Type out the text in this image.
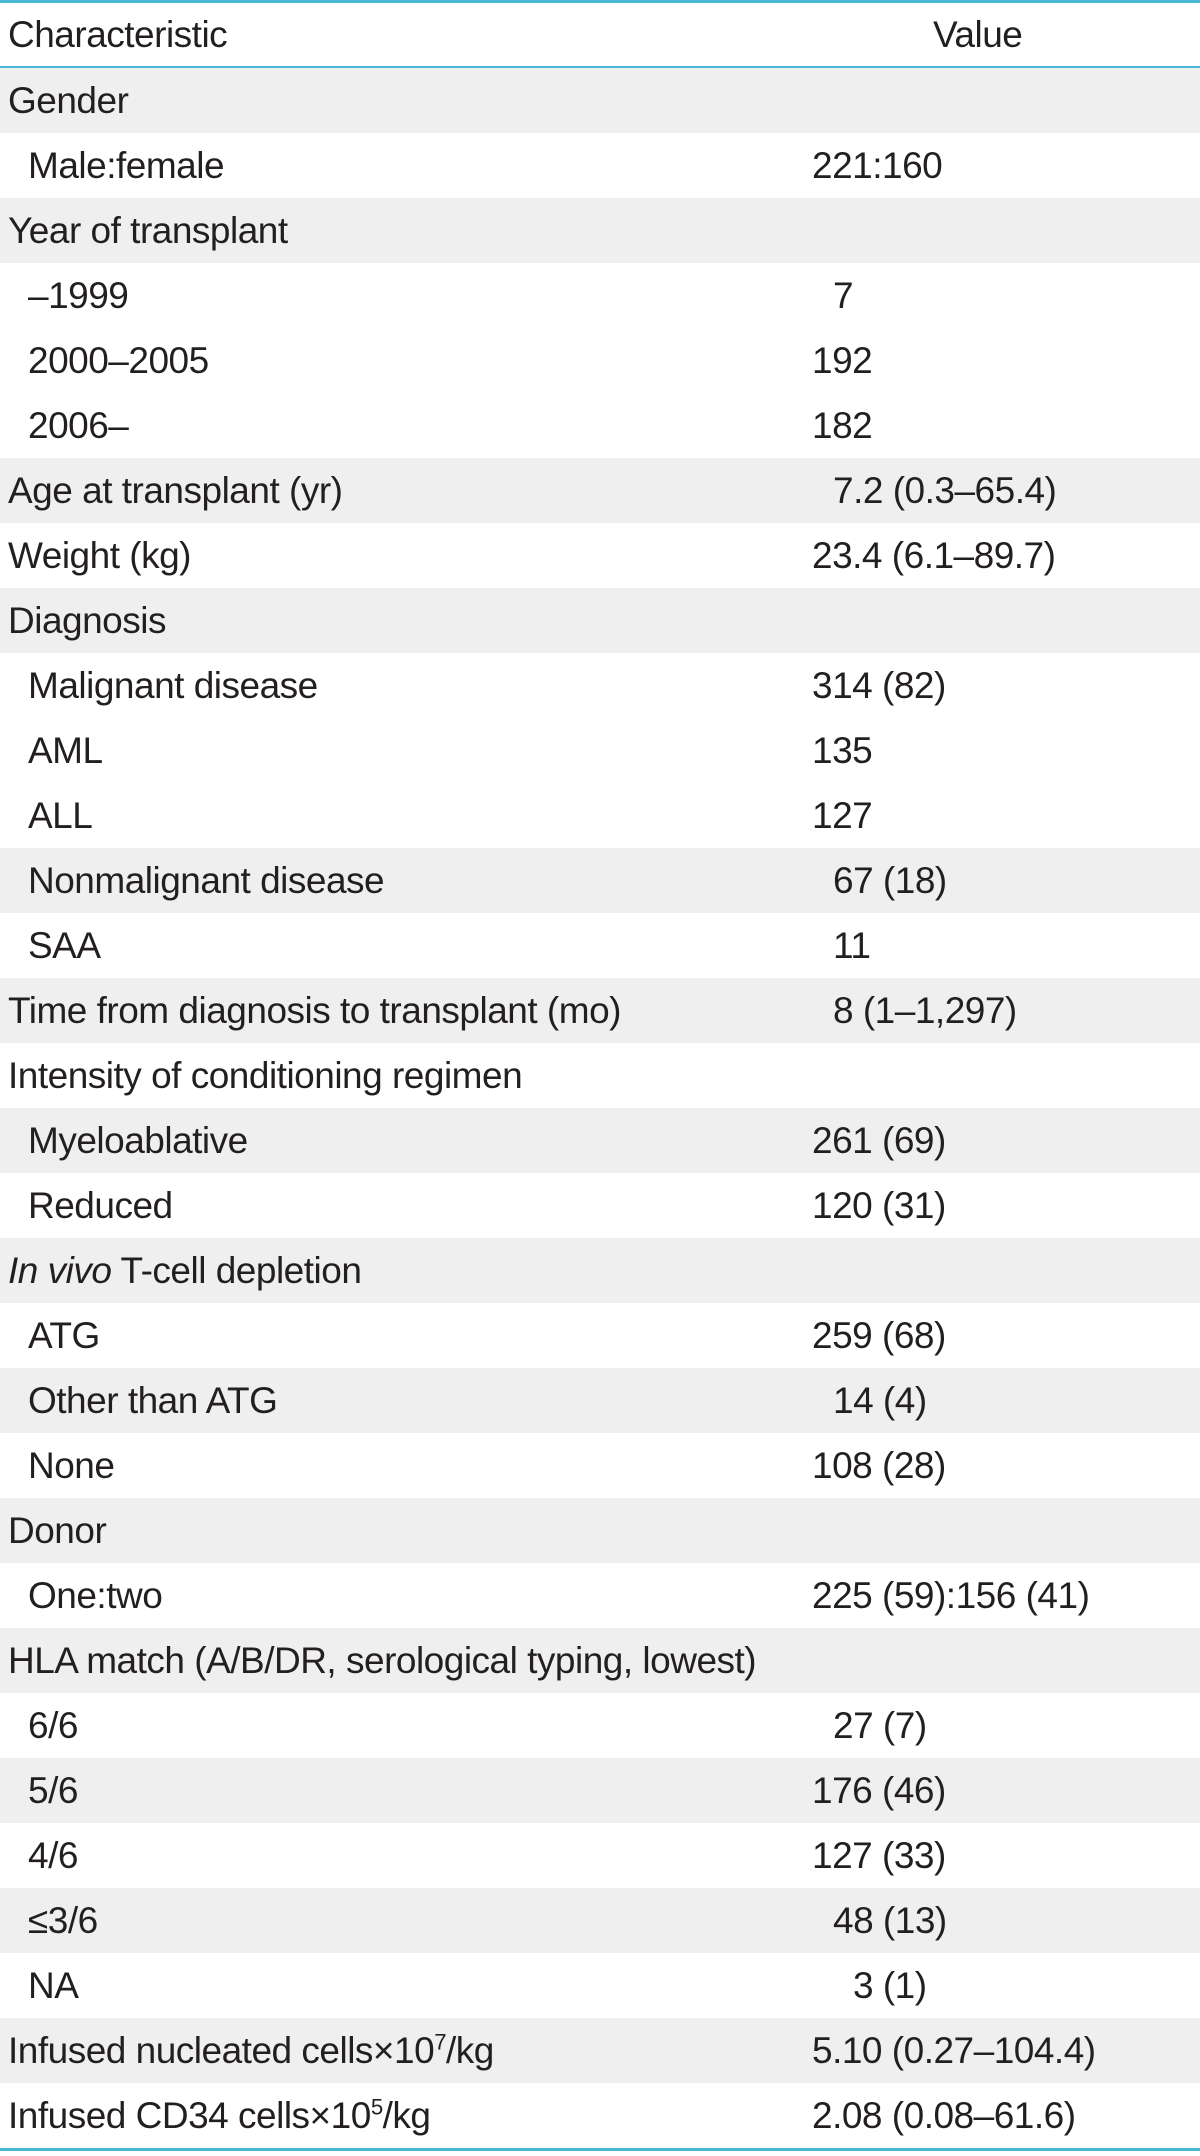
Characteristic	Value
Gender
Male:female	221:160
Year of transplant
–1999	7
2000–2005	192
2006–	182
Age at transplant (yr)	7.2 (0.3–65.4)
Weight (kg)	23.4 (6.1–89.7)
Diagnosis
Malignant disease	314 (82)
AML	135
ALL	127
Nonmalignant disease	67 (18)
SAA	11
Time from diagnosis to transplant (mo)	8 (1–1,297)
Intensity of conditioning regimen
Myeloablative	261 (69)
Reduced	120 (31)
In vivo T-cell depletion
ATG	259 (68)
Other than ATG	14 (4)
None	108 (28)
Donor
One:two	225 (59):156 (41)
HLA match (A/B/DR, serological typing, lowest)
6/6	27 (7)
5/6	176 (46)
4/6	127 (33)
≤3/6	48 (13)
NA	3 (1)
Infused nucleated $cells\times 10^7/kg$	5.10 (0.27–104.4)
Infused CD34 $cells\times 10^5/kg$	2.08 (0.08–61.6)
